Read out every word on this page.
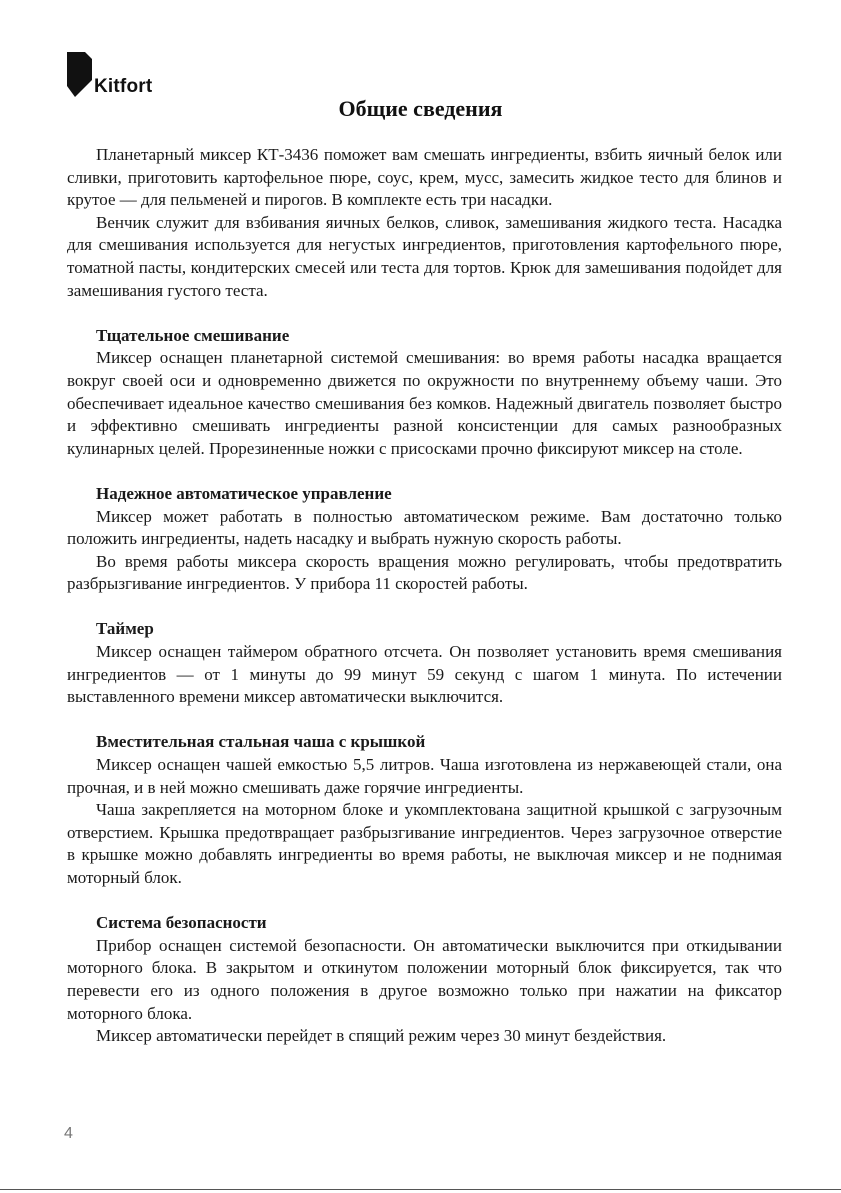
Kitfort
Общие сведения

Планетарный миксер КТ-3436 поможет вам смешать ингредиенты, взбить яичный белок или сливки, приготовить картофельное пюре, соус, крем, мусс, замесить жидкое тесто для блинов и крутое — для пельменей и пирогов. В комплекте есть три насадки.

Венчик служит для взбивания яичных белков, сливок, замешивания жидкого теста. Насадка для смешивания используется для негустых ингредиентов, приготовления картофельного пюре, томатной пасты, кондитерских смесей или теста для тортов. Крюк для замешивания подойдет для замешивания густого теста.

Тщательное смешивание

Миксер оснащен планетарной системой смешивания: во время работы насадка вращается вокруг своей оси и одновременно движется по окружности по внутреннему объему чаши. Это обеспечивает идеальное качество смешивания без комков. Надежный двигатель позволяет быстро и эффективно смешивать ингредиенты разной консистенции для самых разнообразных кулинарных целей. Прорезиненные ножки с присосками прочно фиксируют миксер на столе.

Надежное автоматическое управление

Миксер может работать в полностью автоматическом режиме. Вам достаточно только положить ингредиенты, надеть насадку и выбрать нужную скорость работы.

Во время работы миксера скорость вращения можно регулировать, чтобы предотвратить разбрызгивание ингредиентов. У прибора 11 скоростей работы.

Таймер

Миксер оснащен таймером обратного отсчета. Он позволяет установить время смешивания ингредиентов — от 1 минуты до 99 минут 59 секунд с шагом 1 минута. По истечении выставленного времени миксер автоматически выключится.

Вместительная стальная чаша с крышкой

Миксер оснащен чашей емкостью 5,5 литров. Чаша изготовлена из нержавеющей стали, она прочная, и в ней можно смешивать даже горячие ингредиенты.

Чаша закрепляется на моторном блоке и укомплектована защитной крышкой с загрузочным отверстием. Крышка предотвращает разбрызгивание ингредиентов. Через загрузочное отверстие в крышке можно добавлять ингредиенты во время работы, не выключая миксер и не поднимая моторный блок.

Система безопасности

Прибор оснащен системой безопасности. Он автоматически выключится при откидывании моторного блока. В закрытом и откинутом положении моторный блок фиксируется, так что перевести его из одного положения в другое возможно только при нажатии на фиксатор моторного блока.

Миксер автоматически перейдет в спящий режим через 30 минут бездействия.

4
